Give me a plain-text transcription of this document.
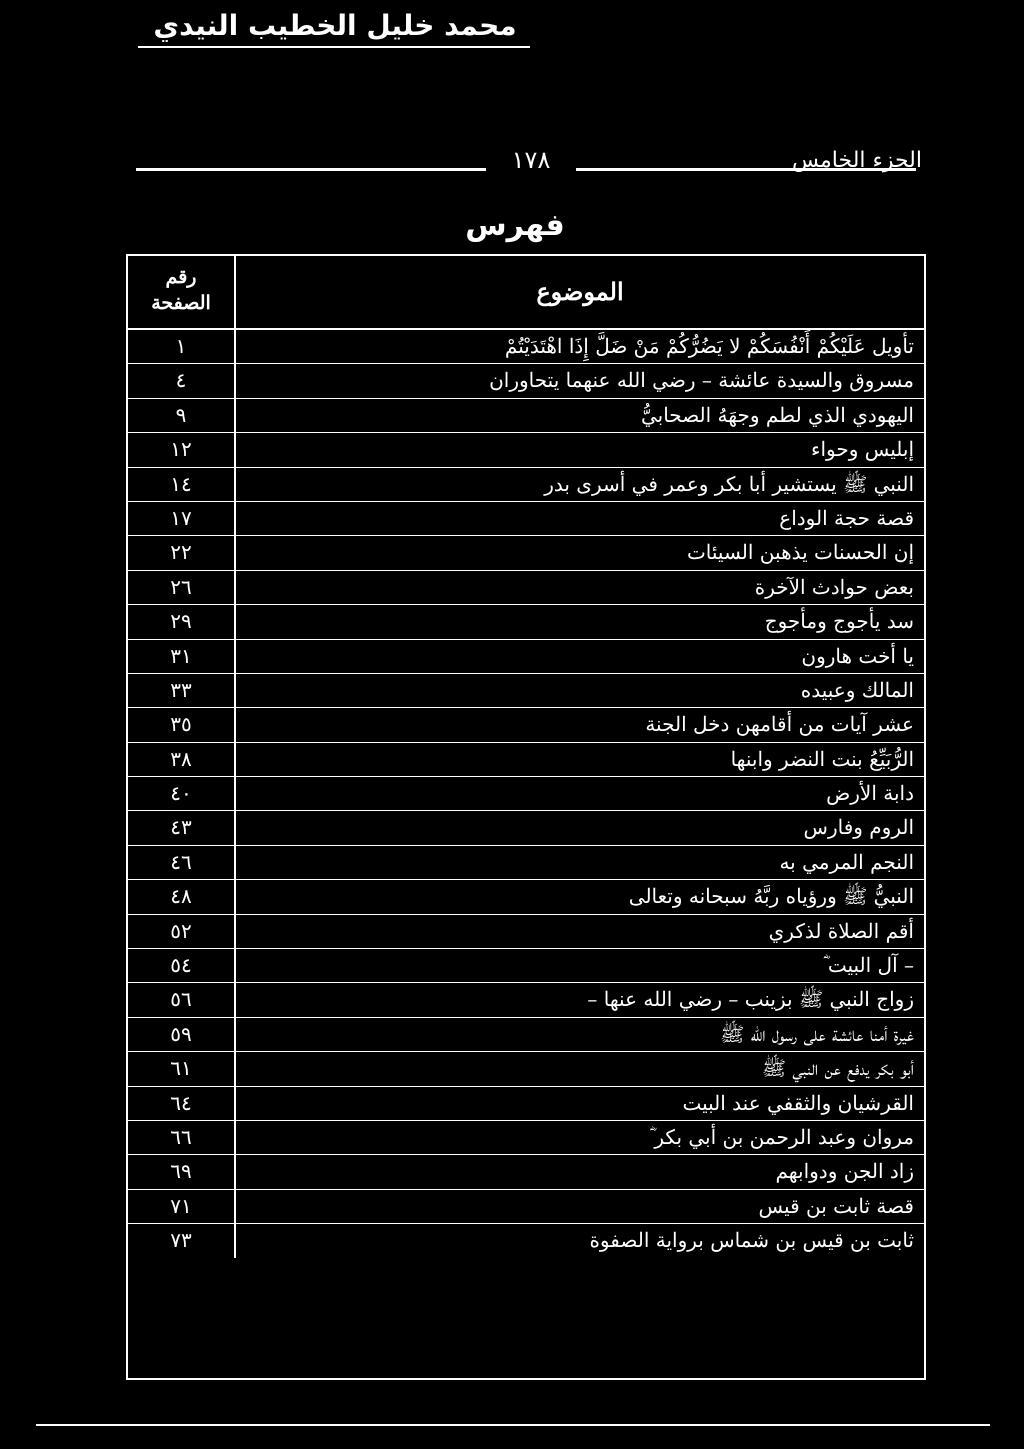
محمد خليل الخطيب النيدي
١٧٨	الجزء الخامس
فهرس
الموضوع
رقم
الصفحة
تأويل عَلَيْكُمْ أَنْفُسَكُمْ لا يَضُرُّكُمْ مَنْ ضَلَّ إِذَا اهْتَدَيْتُمْ
١
مسروق والسيدة عائشة – رضي الله عنهما يتحاوران
٤
اليهودي الذي لطم وجهَهُ الصحابيُّ
٩
إبليس وحواء
١٢
النبي ﷺ يستشير أبا بكر وعمر في أسرى بدر
١٤
قصة حجة الوداع
١٧
إن الحسنات يذهبن السيئات
٢٢
بعض حوادث الآخرة
٢٦
سد يأجوج ومأجوج
٢٩
يا أخت هارون
٣١
المالك وعبيده
٣٣
عشر آيات من أقامهن دخل الجنة
٣٥
الرُّبَيِّعُ بنت النضر وابنها
٣٨
دابة الأرض
٤٠
الروم وفارس
٤٣
النجم المرمي به
٤٦
النبيُّ ﷺ ورؤياه ربَّهُ سبحانه وتعالى
٤٨
أقم الصلاة لذكري
٥٢
– آل البيت ؓ
٥٤
زواج النبي ﷺ بزينب – رضي الله عنها –
٥٦
غيرة أمنا عائشة على رسول الله ﷺ
٥٩
أبو بكر يدفع عن النبي ﷺ
٦١
القرشيان والثقفي عند البيت
٦٤
مروان وعبد الرحمن بن أبي بكر ؓ
٦٦
زاد الجن ودوابهم
٦٩
قصة ثابت بن قيس
٧١
ثابت بن قيس بن شماس برواية الصفوة
٧٣
